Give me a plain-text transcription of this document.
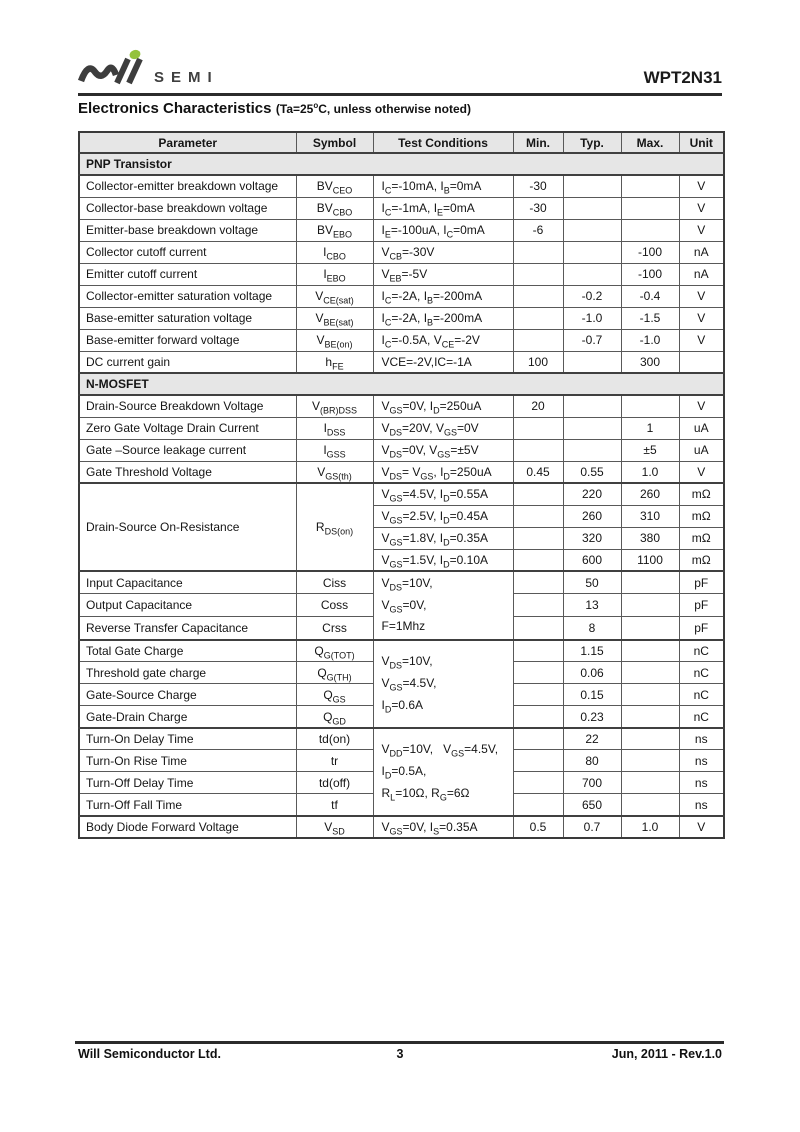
SEMI	WPT2N31
Electronics Characteristics ($Ta=25^oC$, unless otherwise noted)
Parameter	Symbol	Test Conditions	Min.	Typ.	Max.	Unit
PNP Transistor						
Collector-emitter breakdown voltage	$BV_{CEO}$	$I_C=-10mA$, $I_B=0mA$	-30			V
Collector-base breakdown voltage	$BV_{CBO}$	$I_C=-1mA$, $I_E=0mA$	-30			V
Emitter-base breakdown voltage	$BV_{EBO}$	$I_E=-100uA$, $I_C=0mA$	-6			V
Collector cutoff current	$I_{CBO}$	$V_{CB}=-30V$			-100	nA
Emitter cutoff current	$I_{EBO}$	$V_{EB}=-5V$			-100	nA
Collector-emitter saturation voltage	$V_{CE(sat)}$	$I_C=-2A$, $I_B=-200mA$		-0.2	-0.4	V
Base-emitter saturation voltage	$V_{BE(sat)}$	$I_C=-2A$, $I_B=-200mA$		-1.0	-1.5	V
Base-emitter forward voltage	$V_{BE(on)}$	$I_C=-0.5A$, $V_{CE}=-2V$		-0.7	-1.0	V
DC current gain	$h_{FE}$	VCE=-2V,IC=-1A	100		300	
N-MOSFET						
Drain-Source Breakdown Voltage	$V_{(BR)DSS}$	$V_{GS}=0V$, $I_D=250uA$	20			V
Zero Gate Voltage Drain Current	$I_{DSS}$	$V_{DS}=20V$, $V_{GS}=0V$			1	uA
Gate –Source leakage current	$I_{GSS}$	$V_{DS}=0V$, $V_{GS}=\pm 5V$			±5	uA
Gate Threshold Voltage	$V_{GS(th)}$	$V_{DS}= V_{GS}$, $I_D=250uA$	0.45	0.55	1.0	V
Drain-Source On-Resistance	$R_{DS(on)}$	$V_{GS}=4.5V$, $I_D=0.55A$		220	260	mΩ
		$V_{GS}=2.5V$, $I_D=0.45A$		260	310	mΩ
		$V_{GS}=1.8V$, $I_D=0.35A$		320	380	mΩ
		$V_{GS}=1.5V$, $I_D=0.10A$		600	1100	mΩ
Input Capacitance	Ciss	$V_{DS}=10V$,
$V_{GS}=0V$,
F=1Mhz		50		pF
Output Capacitance	Coss			13		pF
Reverse Transfer Capacitance	Crss			8		pF
Total Gate Charge	$Q_{G(TOT)}$	$V_{DS}=10V$,
$V_{GS}=4.5V$,
$I_D=0.6A$		1.15		nC
Threshold gate charge	$Q_{G(TH)}$			0.06		nC
Gate-Source Charge	$Q_{GS}$			0.15		nC
Gate-Drain Charge	$Q_{GD}$			0.23		nC
Turn-On Delay Time	td(on)	$V_{DD}=10V$,   $V_{GS}=4.5V$,
$I_D=0.5A$,
$R_L=10\Omega$, $R_G=6\Omega$		22		ns
Turn-On Rise Time	tr			80		ns
Turn-Off Delay Time	td(off)			700		ns
Turn-Off Fall Time	tf			650		ns
Body Diode Forward Voltage	$V_{SD}$	$V_{GS}=0V$, $I_S=0.35A$	0.5	0.7	1.0	V
3
Will Semiconductor Ltd.	Jun, 2011 - Rev.1.0
